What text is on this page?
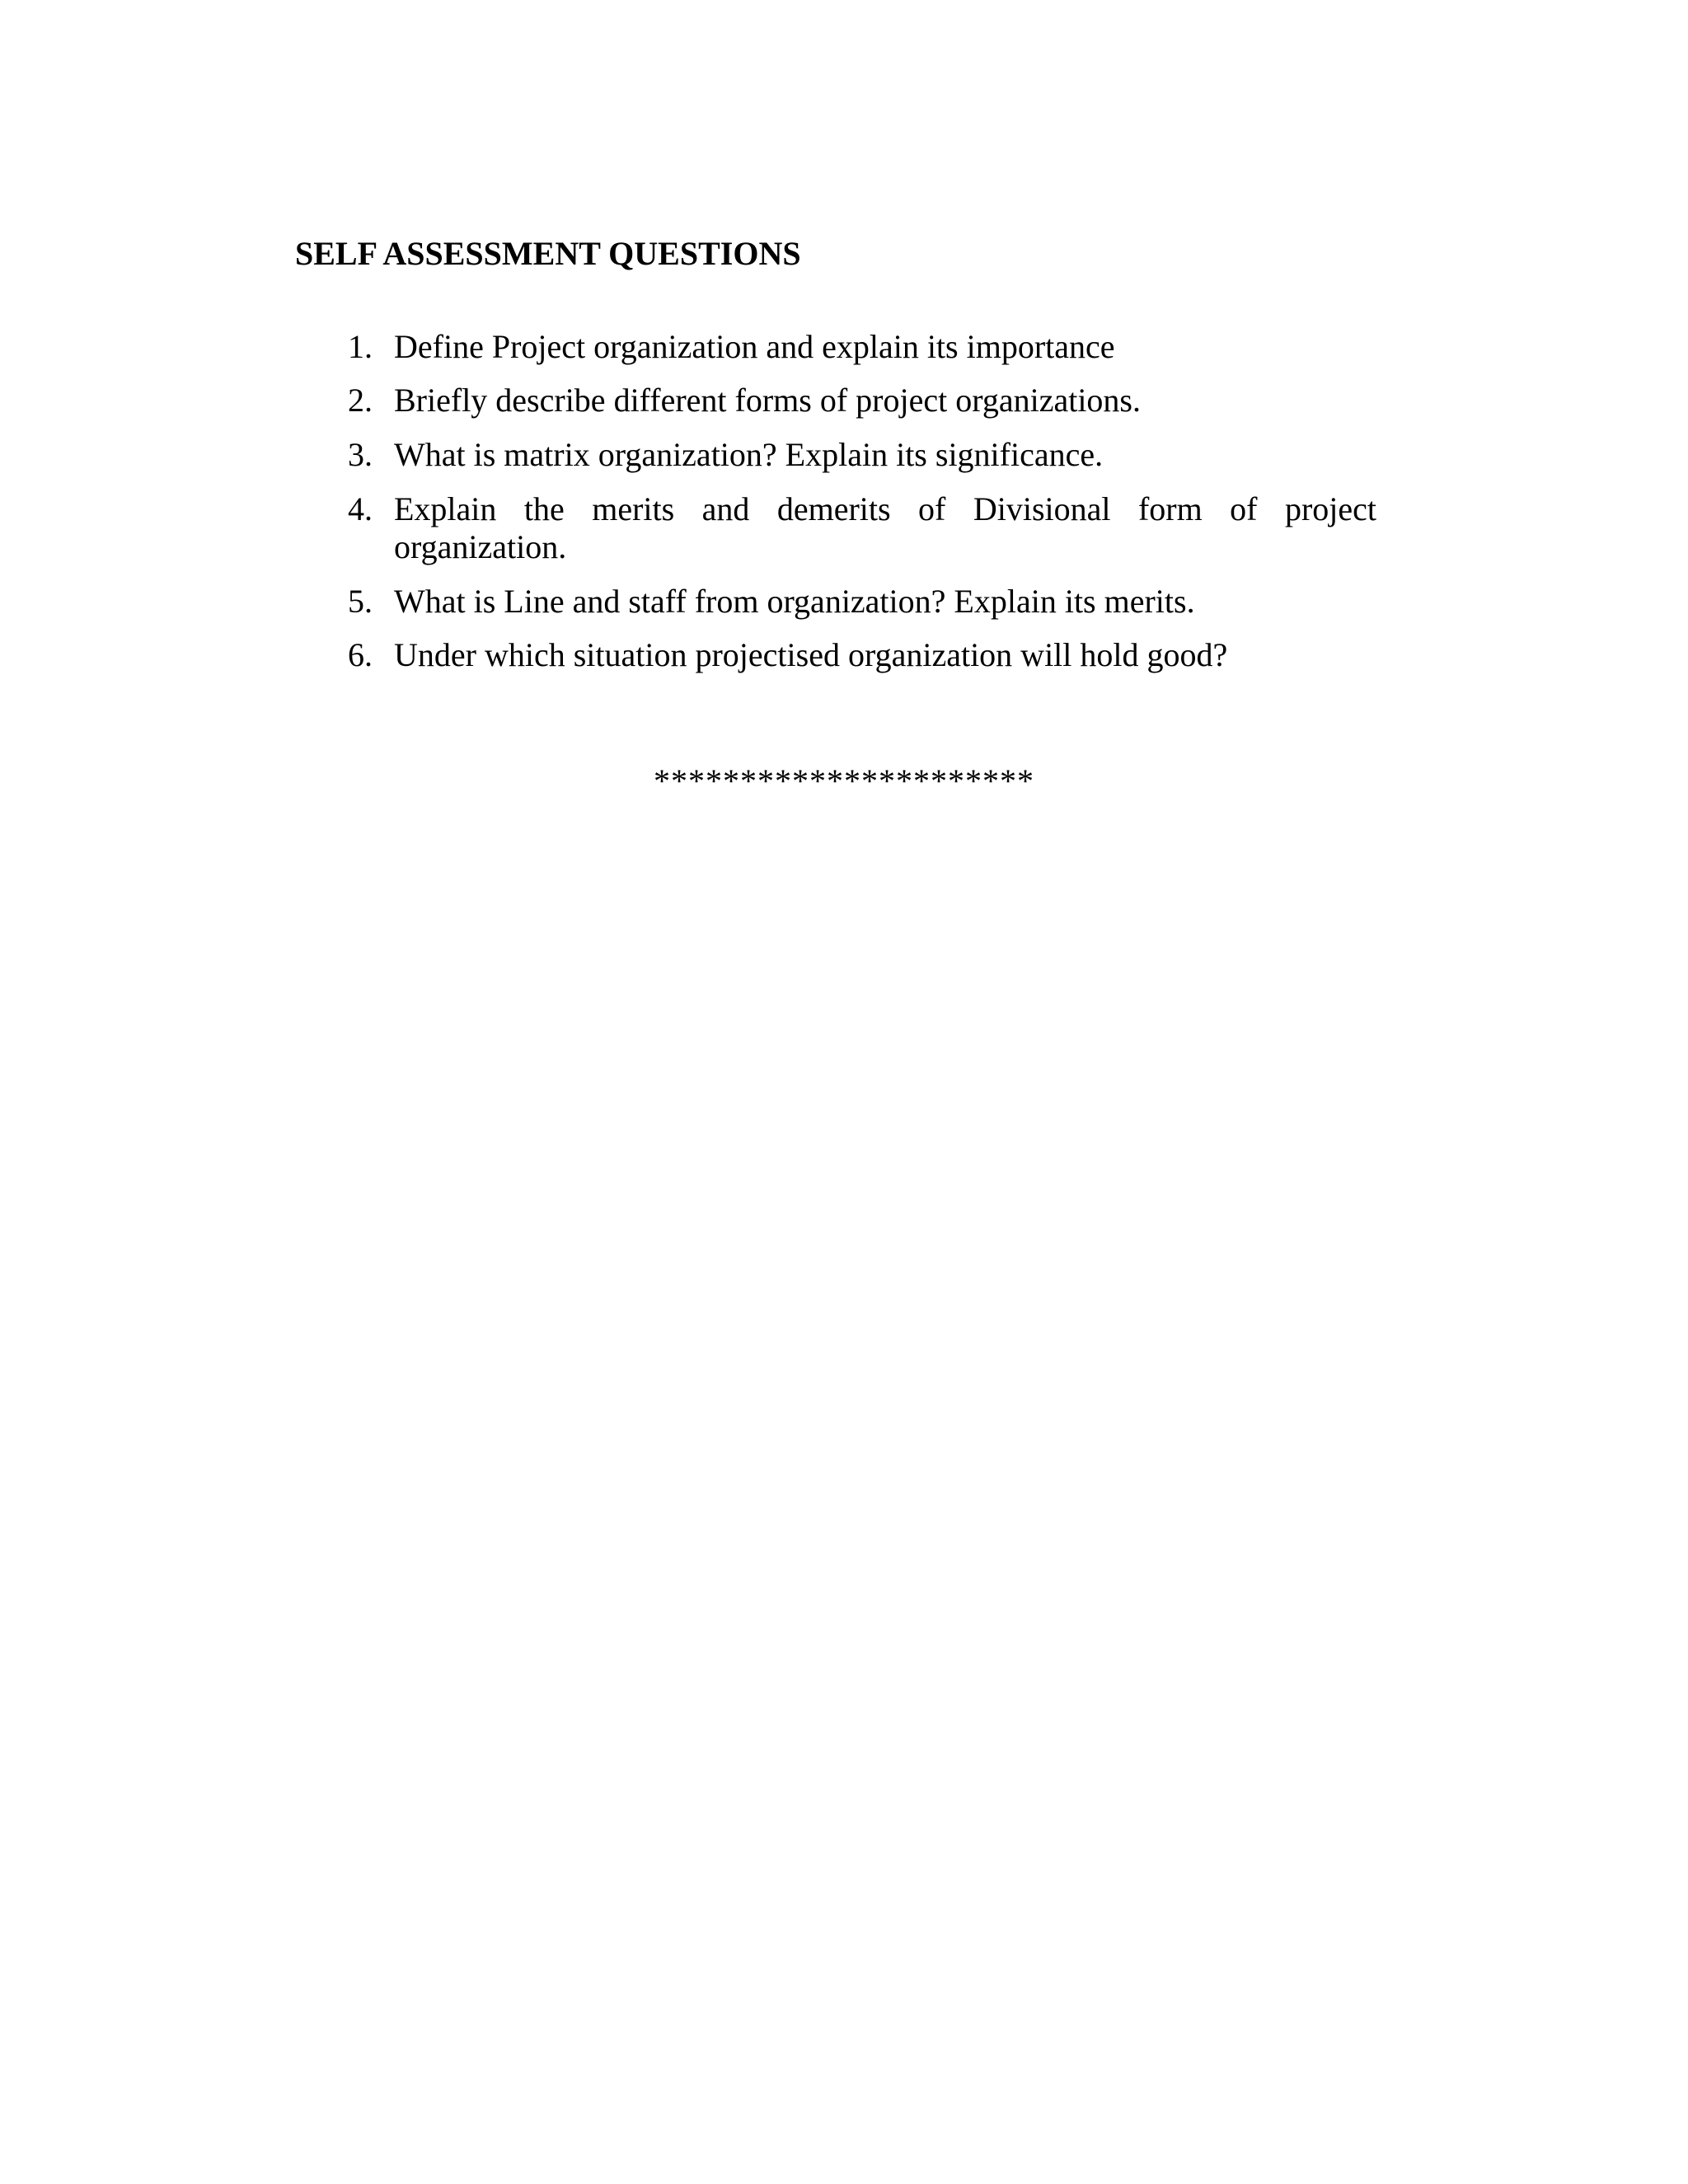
SELF ASSESSMENT QUESTIONS
1. Define Project organization and explain its importance
2. Briefly describe different forms of project organizations.
3. What is matrix organization? Explain its significance.
4. Explain the merits and demerits of Divisional form of project organization.
5. What is Line and staff from organization? Explain its merits.
6. Under which situation projectised organization will hold good?
**********************
